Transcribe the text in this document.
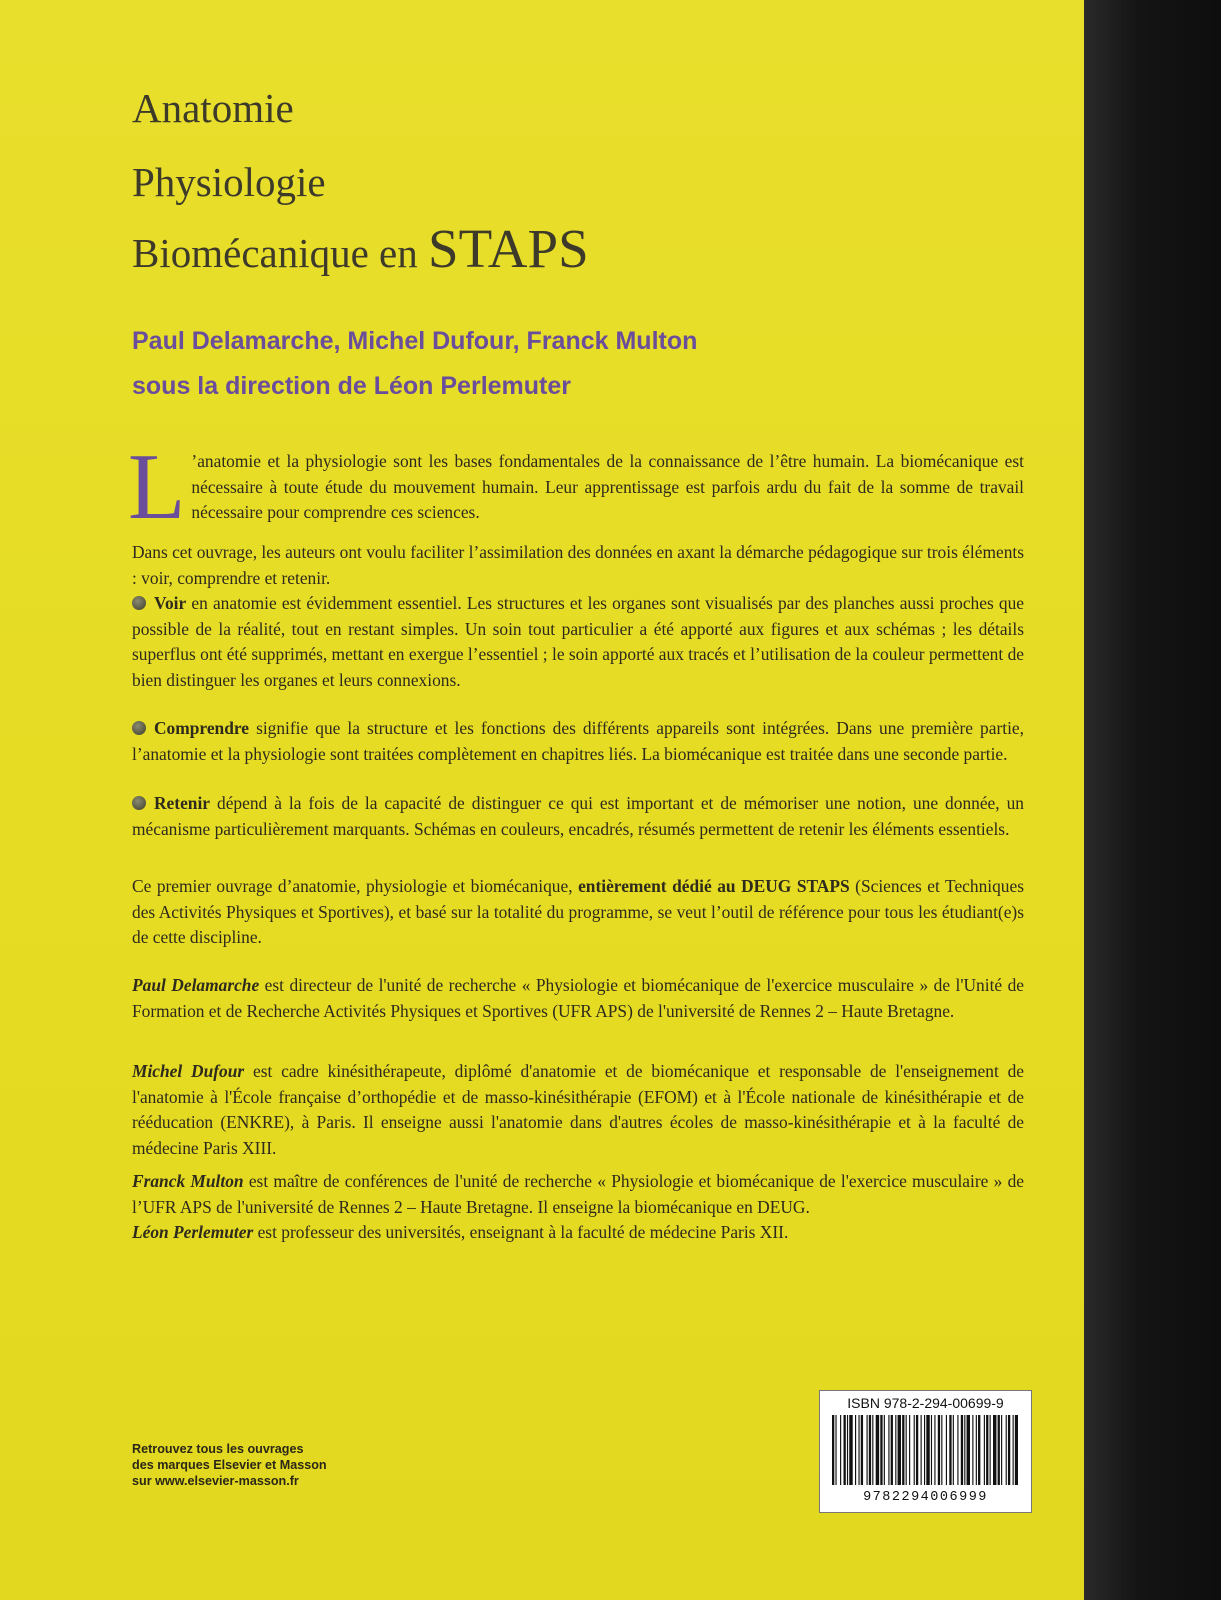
Anatomie
Physiologie
Biomécanique en STAPS
Paul Delamarche, Michel Dufour, Franck Multon
sous la direction de Léon Perlemuter
L ’anatomie et la physiologie sont les bases fondamentales de la connaissance de l’être humain. La biomécanique est nécessaire à toute étude du mouvement humain. Leur apprentissage est parfois ardu du fait de la somme de travail nécessaire pour comprendre ces sciences.
Dans cet ouvrage, les auteurs ont voulu faciliter l’assimilation des données en axant la démarche pédagogique sur trois éléments : voir, comprendre et retenir.
Voir en anatomie est évidemment essentiel. Les structures et les organes sont visualisés par des planches aussi proches que possible de la réalité, tout en restant simples. Un soin tout particulier a été apporté aux figures et aux schémas ; les détails superflus ont été supprimés, mettant en exergue l’essentiel ; le soin apporté aux tracés et l’utilisation de la couleur permettent de bien distinguer les organes et leurs connexions.
Comprendre signifie que la structure et les fonctions des différents appareils sont intégrées. Dans une première partie, l’anatomie et la physiologie sont traitées complètement en chapitres liés. La biomécanique est traitée dans une seconde partie.
Retenir dépend à la fois de la capacité de distinguer ce qui est important et de mémoriser une notion, une donnée, un mécanisme particulièrement marquants. Schémas en couleurs, encadrés, résumés permettent de retenir les éléments essentiels.
Ce premier ouvrage d’anatomie, physiologie et biomécanique, entièrement dédié au DEUG STAPS (Sciences et Techniques des Activités Physiques et Sportives), et basé sur la totalité du programme, se veut l’outil de référence pour tous les étudiant(e)s de cette discipline.
Paul Delamarche est directeur de l'unité de recherche « Physiologie et biomécanique de l'exercice musculaire » de l'Unité de Formation et de Recherche Activités Physiques et Sportives (UFR APS) de l'université de Rennes 2 – Haute Bretagne.
Michel Dufour est cadre kinésithérapeute, diplômé d'anatomie et de biomécanique et responsable de l'enseignement de l'anatomie à l'École française d’orthopédie et de masso-kinésithérapie (EFOM) et à l'École nationale de kinésithérapie et de rééducation (ENKRE), à Paris. Il enseigne aussi l'anatomie dans d'autres écoles de masso-kinésithérapie et à la faculté de médecine Paris XIII.
Franck Multon est maître de conférences de l'unité de recherche « Physiologie et biomécanique de l'exercice musculaire » de l’UFR APS de l'université de Rennes 2 – Haute Bretagne. Il enseigne la biomécanique en DEUG.
Léon Perlemuter est professeur des universités, enseignant à la faculté de médecine Paris XII.
Retrouvez tous les ouvrages
des marques Elsevier et Masson
sur www.elsevier-masson.fr
ISBN 978-2-294-00699-9
9782294006999
